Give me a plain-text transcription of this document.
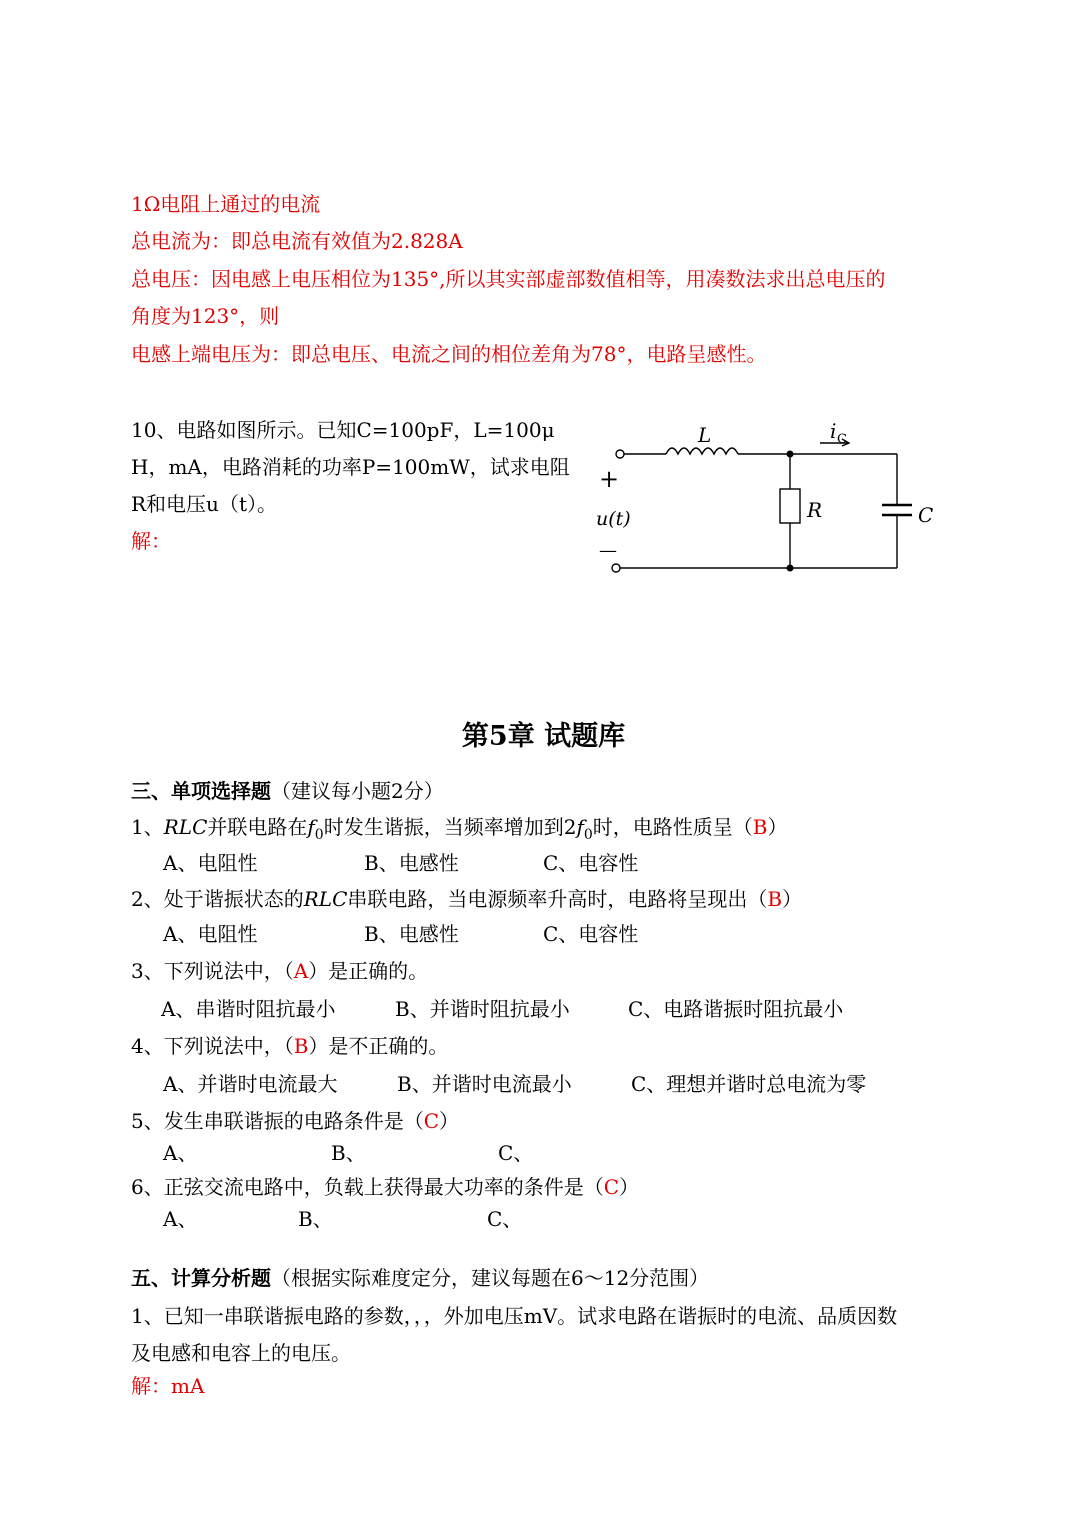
1Ω电阻上通过的电流
总电流为：即总电流有效值为2.828A
总电压：因电感上电压相位为135°,所以其实部虚部数值相等，用凑数法求出总电压的
角度为123°，则
电感上端电压为：即总电压、电流之间的相位差角为78°，电路呈感性。
10、电路如图所示。已知C=100pF，L=100μ
H，mA，电路消耗的功率P=100mW，试求电阻
R和电压u（t）。
解：
L	i C
R	C
+
u(t)
—
第5章 试题库
三、单项选择题（建议每小题2分）
1、RLC并联电路在$f_0$时发生谐振，当频率增加到$2f_0$时，电路性质呈（B）
A、电阻性	B、电感性	C、电容性
2、处于谐振状态的RLC串联电路，当电源频率升高时，电路将呈现出（B）
A、电阻性	B、电感性	C、电容性
3、下列说法中，（A）是正确的。
A、串谐时阻抗最小	B、并谐时阻抗最小	C、电路谐振时阻抗最小
4、下列说法中，（B）是不正确的。
A、并谐时电流最大	B、并谐时电流最小	C、理想并谐时总电流为零
5、发生串联谐振的电路条件是（C）
A、	B、	C、
6、正弦交流电路中，负载上获得最大功率的条件是（C）
A、	B、	C、
五、计算分析题（根据实际难度定分，建议每题在6～12分范围）
1、已知一串联谐振电路的参数，，，外加电压mV。试求电路在谐振时的电流、品质因数
及电感和电容上的电压。
解：mA
